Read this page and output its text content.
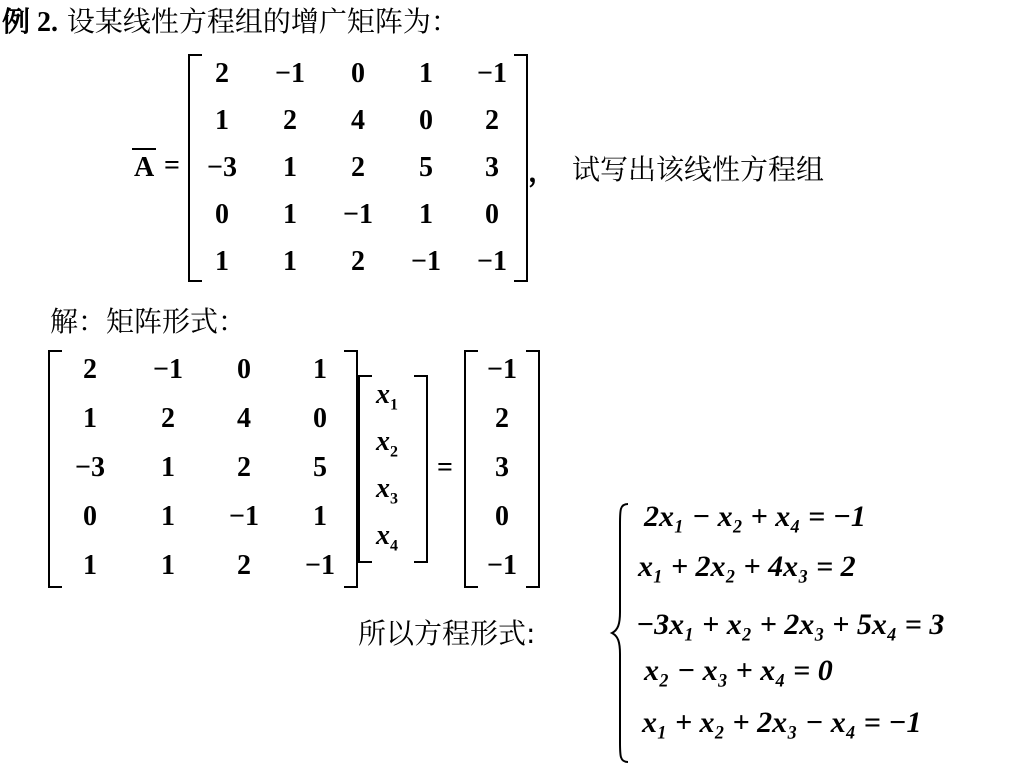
例 2. 设某线性方程组的增广矩阵为：
A =
2	−1	0	1	−1
1	2	4	0	2
−3	1	2	5	3
0	1	−1	1	0
1	1	2	−1	−1
， 试写出该线性方程组
解：矩阵形式：
2	−1	0	1
1	2	4	0
−3	1	2	5
0	1	−1	1
1	1	2	−1
$x_1$
$x_2$
$x_3$
$x_4$
=
−1
2
3
0
−1
所以方程形式:
2x₁ − x₂ + x₄ = −1
x₁ + 2x₂ + 4x₃ = 2
−3x₁ + x₂ + 2x₃ + 5x₄ = 3
x₂ − x₃ + x₄ = 0
x₁ + x₂ + 2x₃ − x₄ = −1
